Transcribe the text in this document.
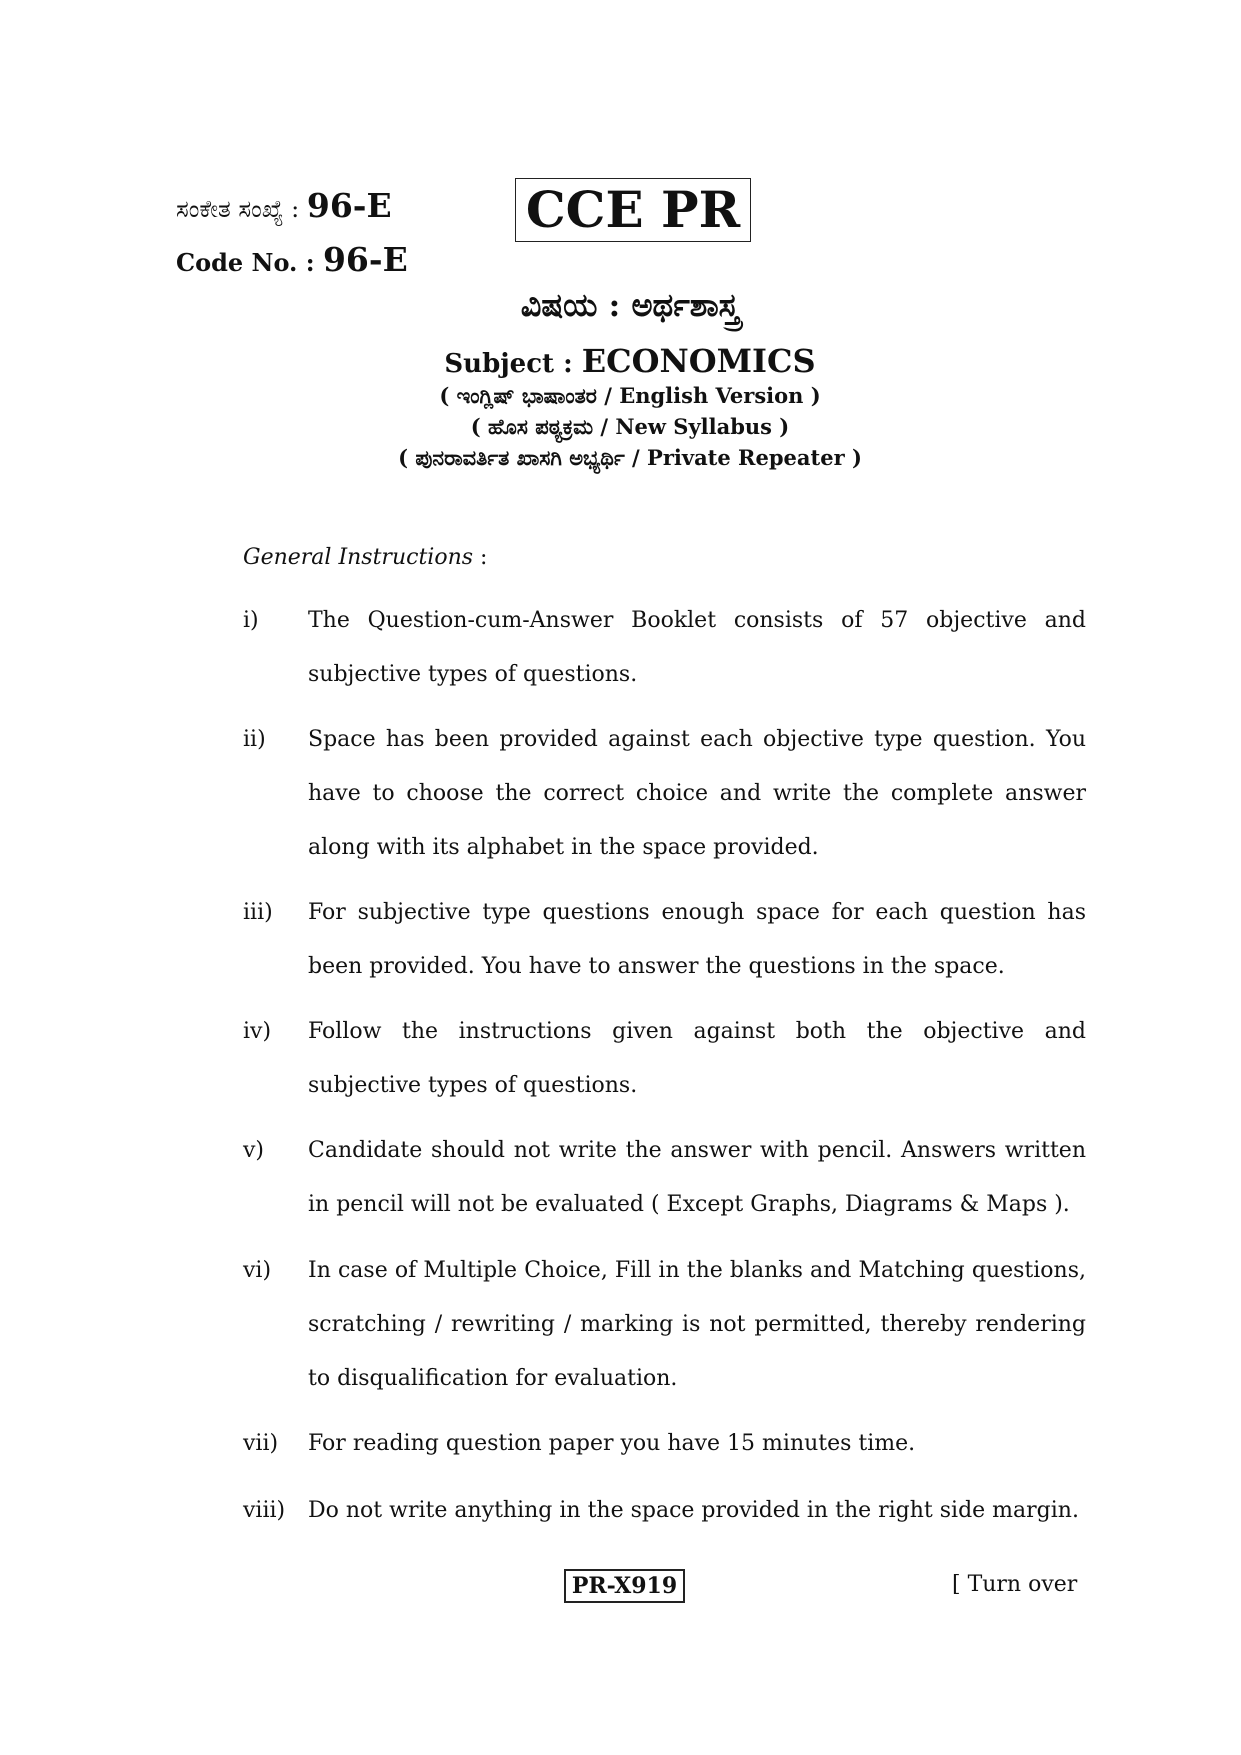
ಸಂಕೇತ ಸಂಖ್ಯೆ : 96-E
Code No. : 96-E
CCE PR
ವಿಷಯ : ಅರ್ಥಶಾಸ್ತ್ರ
Subject : ECONOMICS
( ಇಂಗ್ಲಿಷ್ ಭಾಷಾಂತರ / English Version )
( ಹೊಸ ಪಠ್ಯಕ್ರಮ / New Syllabus )
( ಪುನರಾವರ್ತಿತ ಖಾಸಗಿ ಅಭ್ಯರ್ಥಿ / Private Repeater )
General Instructions :
i) The Question-cum-Answer Booklet consists of 57 objective and subjective types of questions.
ii) Space has been provided against each objective type question. You have to choose the correct choice and write the complete answer along with its alphabet in the space provided.
iii) For subjective type questions enough space for each question has been provided. You have to answer the questions in the space.
iv) Follow the instructions given against both the objective and subjective types of questions.
v) Candidate should not write the answer with pencil. Answers written in pencil will not be evaluated ( Except Graphs, Diagrams & Maps ).
vi) In case of Multiple Choice, Fill in the blanks and Matching questions, scratching / rewriting / marking is not permitted, thereby rendering to disqualification for evaluation.
vii) For reading question paper you have 15 minutes time.
viii) Do not write anything in the space provided in the right side margin.
PR-X919	[ Turn over
